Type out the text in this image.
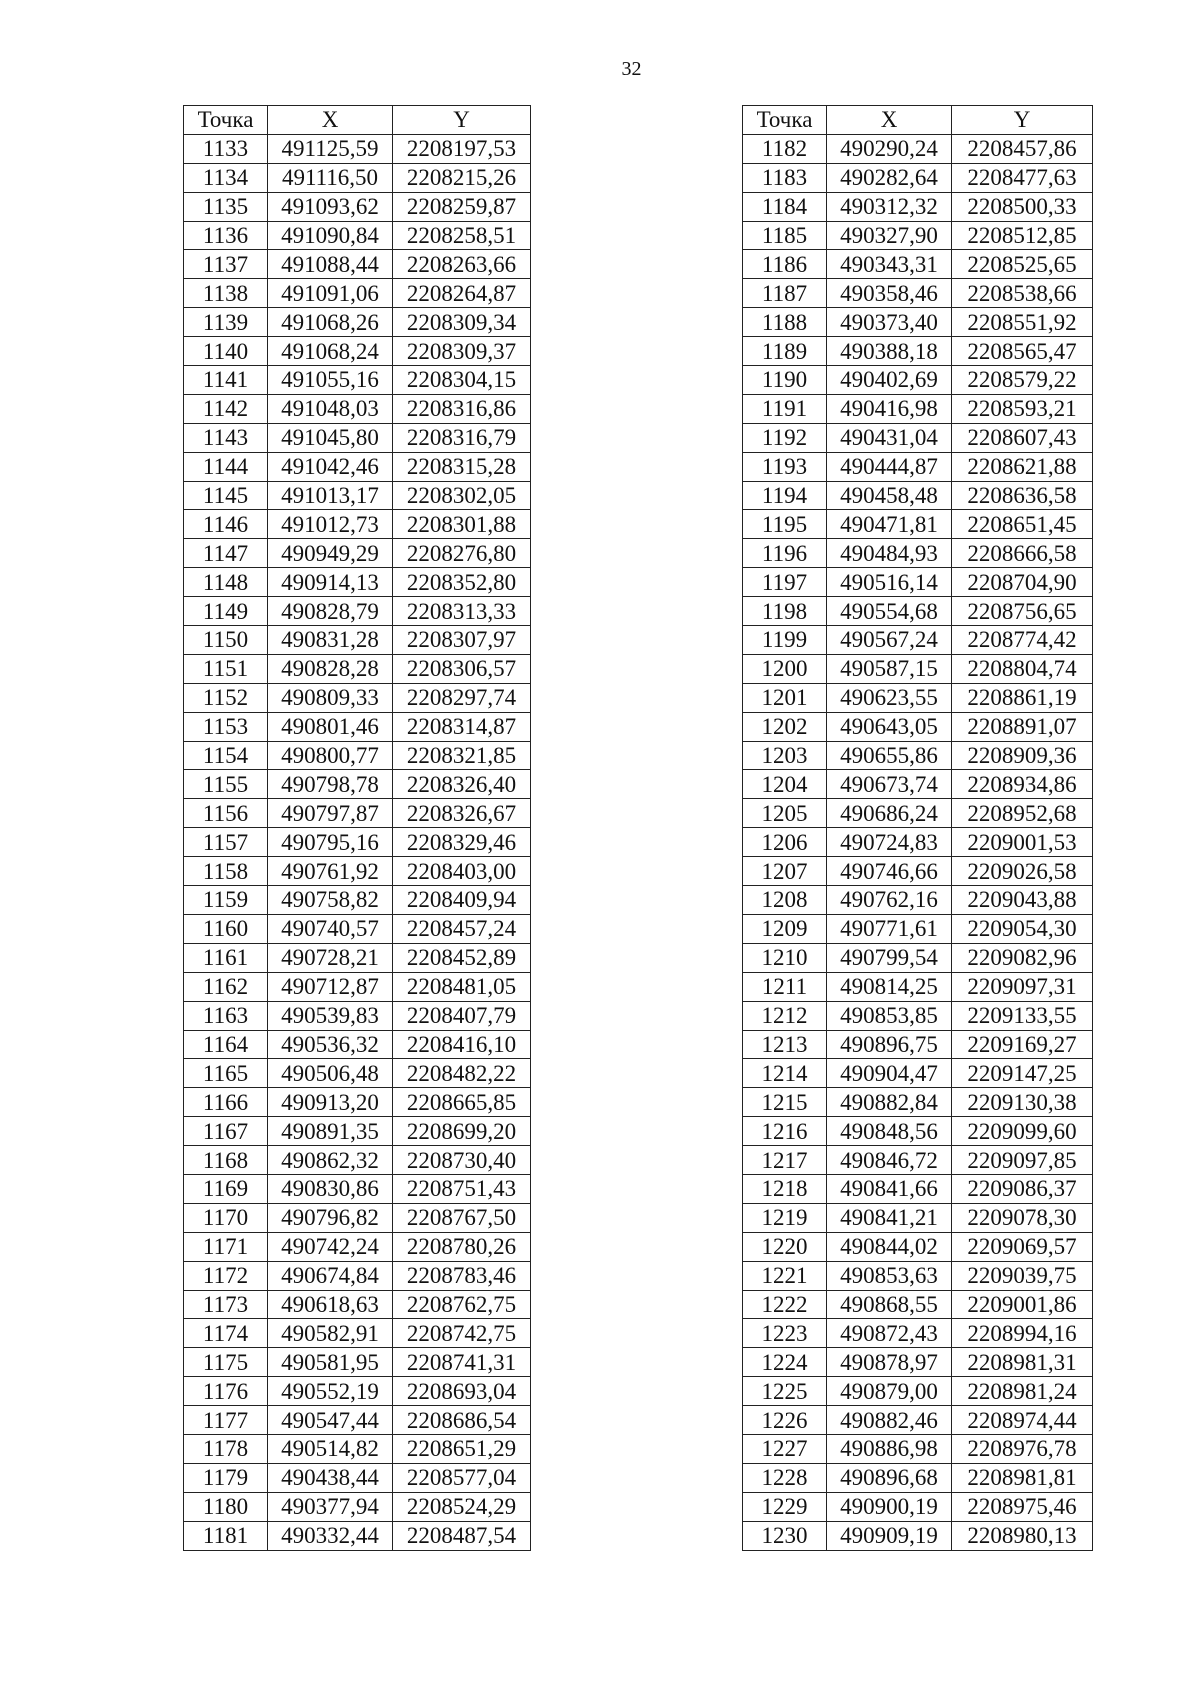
32
Точка	X	Y
1133	491125,59	2208197,53
1134	491116,50	2208215,26
1135	491093,62	2208259,87
1136	491090,84	2208258,51
1137	491088,44	2208263,66
1138	491091,06	2208264,87
1139	491068,26	2208309,34
1140	491068,24	2208309,37
1141	491055,16	2208304,15
1142	491048,03	2208316,86
1143	491045,80	2208316,79
1144	491042,46	2208315,28
1145	491013,17	2208302,05
1146	491012,73	2208301,88
1147	490949,29	2208276,80
1148	490914,13	2208352,80
1149	490828,79	2208313,33
1150	490831,28	2208307,97
1151	490828,28	2208306,57
1152	490809,33	2208297,74
1153	490801,46	2208314,87
1154	490800,77	2208321,85
1155	490798,78	2208326,40
1156	490797,87	2208326,67
1157	490795,16	2208329,46
1158	490761,92	2208403,00
1159	490758,82	2208409,94
1160	490740,57	2208457,24
1161	490728,21	2208452,89
1162	490712,87	2208481,05
1163	490539,83	2208407,79
1164	490536,32	2208416,10
1165	490506,48	2208482,22
1166	490913,20	2208665,85
1167	490891,35	2208699,20
1168	490862,32	2208730,40
1169	490830,86	2208751,43
1170	490796,82	2208767,50
1171	490742,24	2208780,26
1172	490674,84	2208783,46
1173	490618,63	2208762,75
1174	490582,91	2208742,75
1175	490581,95	2208741,31
1176	490552,19	2208693,04
1177	490547,44	2208686,54
1178	490514,82	2208651,29
1179	490438,44	2208577,04
1180	490377,94	2208524,29
1181	490332,44	2208487,54
Точка	X	Y
1182	490290,24	2208457,86
1183	490282,64	2208477,63
1184	490312,32	2208500,33
1185	490327,90	2208512,85
1186	490343,31	2208525,65
1187	490358,46	2208538,66
1188	490373,40	2208551,92
1189	490388,18	2208565,47
1190	490402,69	2208579,22
1191	490416,98	2208593,21
1192	490431,04	2208607,43
1193	490444,87	2208621,88
1194	490458,48	2208636,58
1195	490471,81	2208651,45
1196	490484,93	2208666,58
1197	490516,14	2208704,90
1198	490554,68	2208756,65
1199	490567,24	2208774,42
1200	490587,15	2208804,74
1201	490623,55	2208861,19
1202	490643,05	2208891,07
1203	490655,86	2208909,36
1204	490673,74	2208934,86
1205	490686,24	2208952,68
1206	490724,83	2209001,53
1207	490746,66	2209026,58
1208	490762,16	2209043,88
1209	490771,61	2209054,30
1210	490799,54	2209082,96
1211	490814,25	2209097,31
1212	490853,85	2209133,55
1213	490896,75	2209169,27
1214	490904,47	2209147,25
1215	490882,84	2209130,38
1216	490848,56	2209099,60
1217	490846,72	2209097,85
1218	490841,66	2209086,37
1219	490841,21	2209078,30
1220	490844,02	2209069,57
1221	490853,63	2209039,75
1222	490868,55	2209001,86
1223	490872,43	2208994,16
1224	490878,97	2208981,31
1225	490879,00	2208981,24
1226	490882,46	2208974,44
1227	490886,98	2208976,78
1228	490896,68	2208981,81
1229	490900,19	2208975,46
1230	490909,19	2208980,13
